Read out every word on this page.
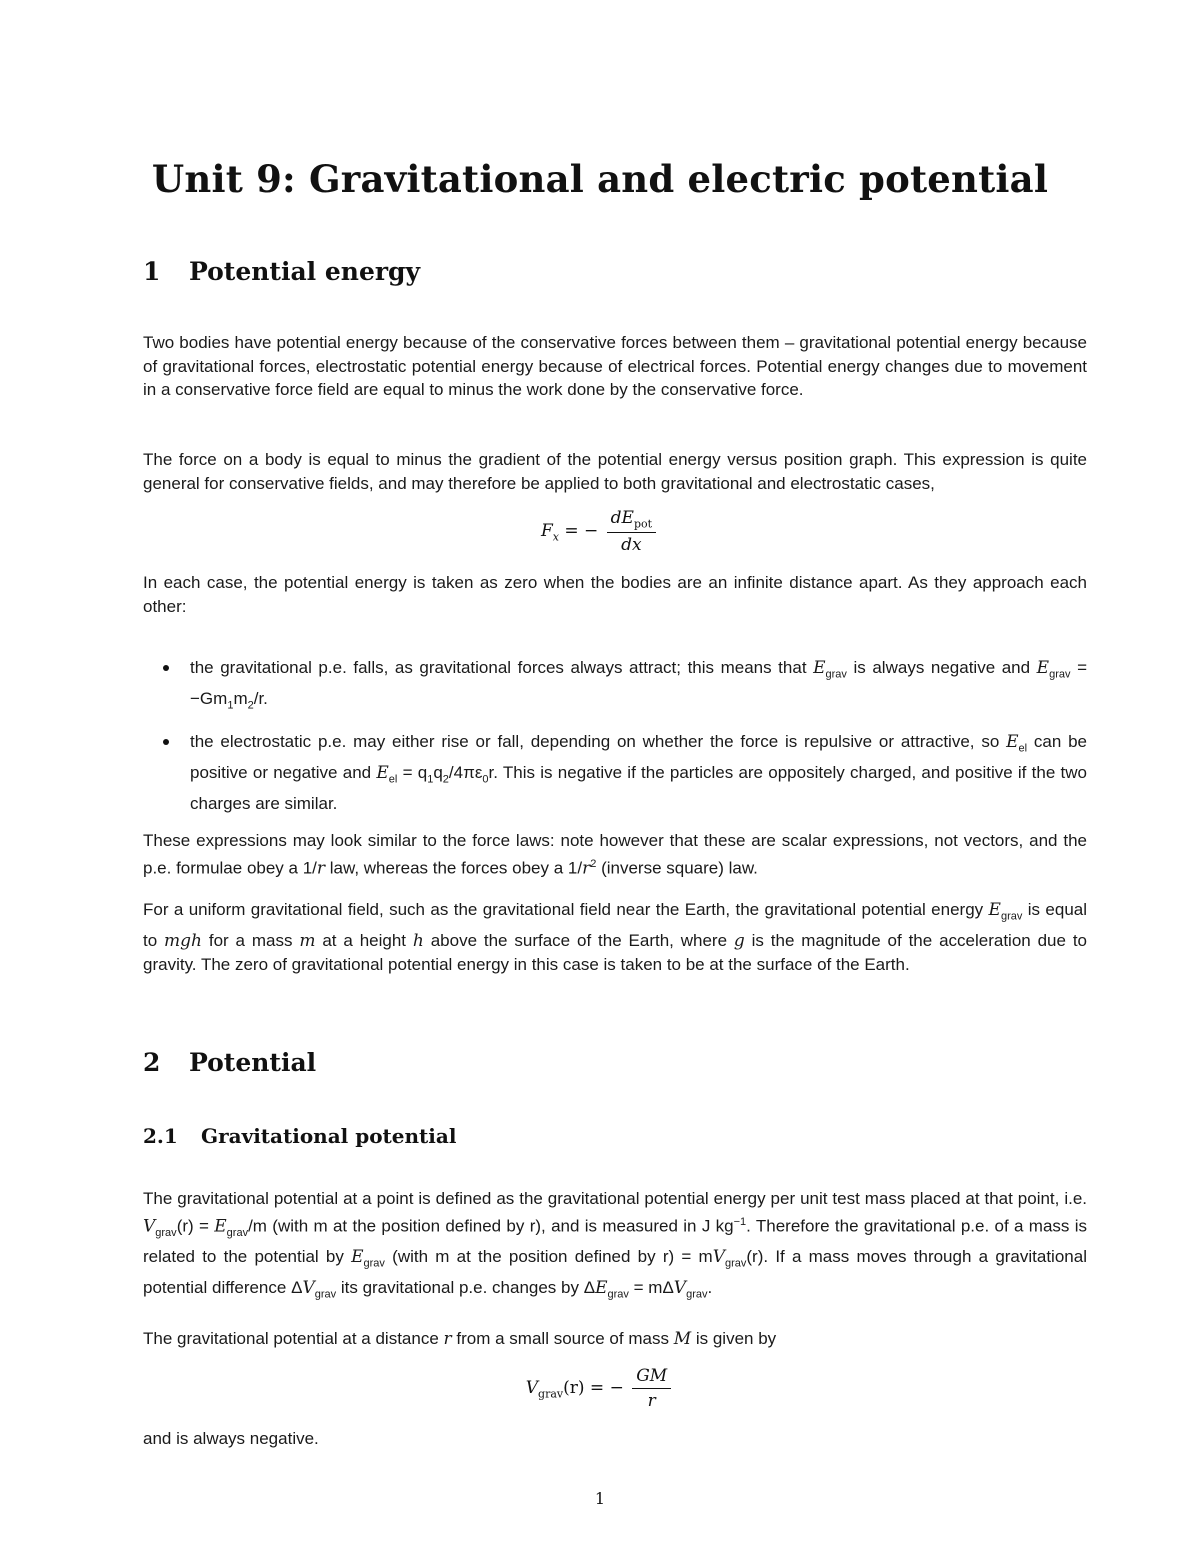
Unit 9: Gravitational and electric potential
1 Potential energy
Two bodies have potential energy because of the conservative forces between them – gravitational potential energy because of gravitational forces, electrostatic potential energy because of electrical forces. Potential energy changes due to movement in a conservative force field are equal to minus the work done by the conservative force.
The force on a body is equal to minus the gradient of the potential energy versus position graph. This expression is quite general for conservative fields, and may therefore be applied to both gravitational and electrostatic cases,
$F_x$ = − $\frac{dE_{pot}}{dx}$
In each case, the potential energy is taken as zero when the bodies are an infinite distance apart. As they approach each other:
the gravitational p.e. falls, as gravitational forces always attract; this means that $E_{grav}$ is always negative and $E_{grav} = -Gm_1m_2/r$.
the electrostatic p.e. may either rise or fall, depending on whether the force is repulsive or attractive, so $E_{el}$ can be positive or negative and $E_{el} = q_1q_2/4\pi\varepsilon_0r$. This is negative if the particles are oppositely charged, and positive if the two charges are similar.
These expressions may look similar to the force laws: note however that these are scalar expressions, not vectors, and the p.e. formulae obey a 1/r law, whereas the forces obey a $1/r^2$ (inverse square) law.
For a uniform gravitational field, such as the gravitational field near the Earth, the gravitational potential energy $E_{grav}$ is equal to mgh for a mass m at a height h above the surface of the Earth, where g is the magnitude of the acceleration due to gravity. The zero of gravitational potential energy in this case is taken to be at the surface of the Earth.
2 Potential
2.1 Gravitational potential
The gravitational potential at a point is defined as the gravitational potential energy per unit test mass placed at that point, i.e. $V_{grav}(r) = E_{grav}/m$ (with m at the position defined by r), and is measured in J $kg^{-1}$. Therefore the gravitational p.e. of a mass is related to the potential by $E_{grav}$ (with m at the position defined by $r) = mV_{grav}(r)$. If a mass moves through a gravitational potential difference $\Delta V_{grav}$ its gravitational p.e. changes by $\Delta E_{grav} = m\Delta V_{grav}$.
The gravitational potential at a distance r from a small source of mass M is given by
$V_{grav}(r)$ = − $\frac{GM}{r}$
and is always negative.
1
